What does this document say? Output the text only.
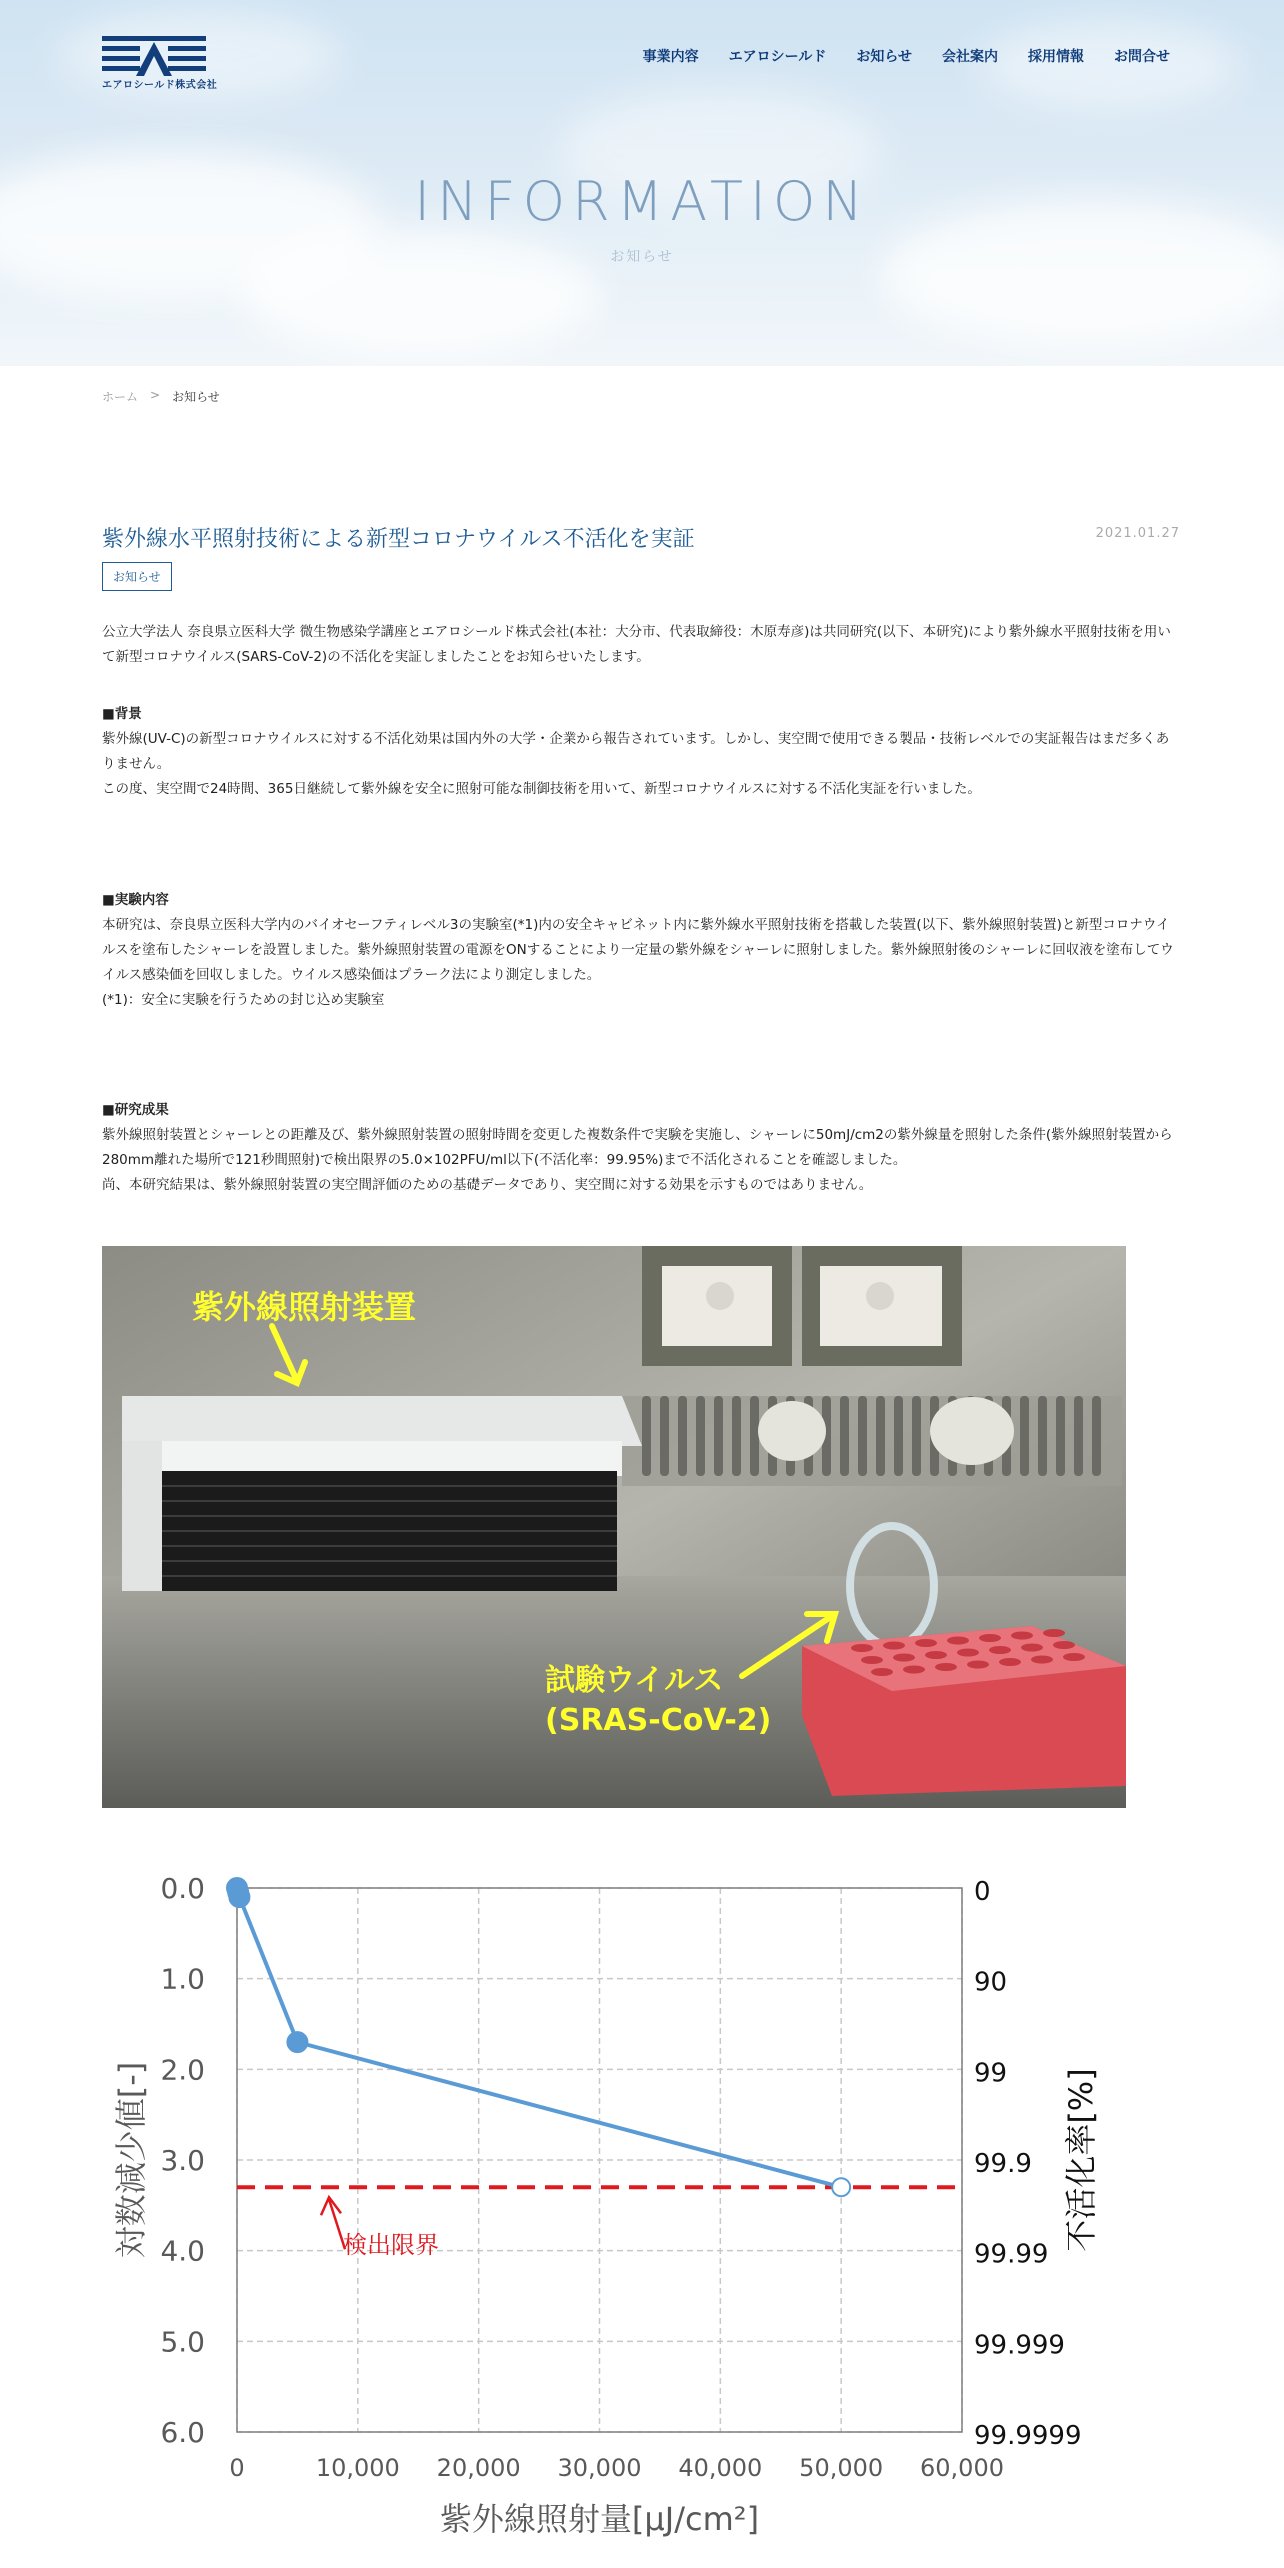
エアロシールド株式会社
事業内容 エアロシールド お知らせ 会社案内 採用情報 お問合せ
INFORMATION
お知らせ
ホーム > お知らせ
紫外線水平照射技術による新型コロナウイルス不活化を実証	2021.01.27
お知らせ

公立大学法人 奈良県立医科大学 微生物感染学講座とエアロシールド株式会社(本社：大分市、代表取締役：木原寿彦)は共同研究(以下、本研究)により紫外線水平照射技術を用いて新型コロナウイルス(SARS-CoV-2)の不活化を実証しましたことをお知らせいたします。

■背景

紫外線(UV-C)の新型コロナウイルスに対する不活化効果は国内外の大学・企業から報告されています。しかし、実空間で使用できる製品・技術レベルでの実証報告はまだ多くありません。
この度、実空間で24時間、365日継続して紫外線を安全に照射可能な制御技術を用いて、新型コロナウイルスに対する不活化実証を行いました。

■実験内容

本研究は、奈良県立医科大学内のバイオセーフティレベル3の実験室(*1)内の安全キャビネット内に紫外線水平照射技術を搭載した装置(以下、紫外線照射装置)と新型コロナウイルスを塗布したシャーレを設置しました。紫外線照射装置の電源をONすることにより一定量の紫外線をシャーレに照射しました。紫外線照射後のシャーレに回収液を塗布してウイルス感染価を回収しました。ウイルス感染価はプラーク法により測定しました。
(*1)：安全に実験を行うための封じ込め実験室

■研究成果

紫外線照射装置とシャーレとの距離及び、紫外線照射装置の照射時間を変更した複数条件で実験を実施し、シャーレに50mJ/cm2の紫外線量を照射した条件(紫外線照射装置から280mm離れた場所で121秒間照射)で検出限界の5.0×102PFU/ml以下(不活化率：99.95%)まで不活化されることを確認しました。
尚、本研究結果は、紫外線照射装置の実空間評価のための基礎データであり、実空間に対する効果を示すものではありません。

紫外線照射装置
試験ウイルス
(SRAS-CoV-2)
0	10,000 20,000 30,000 40,000 50,000 60,000
0.0	0
1.0	90
2.0	99
3.0	99.9
4.0	99.99
5.0	99.999
6.0	99.9999
紫外線照射量[μJ/cm²]
対数減少値[-]	不活化率[%]
検出限界
